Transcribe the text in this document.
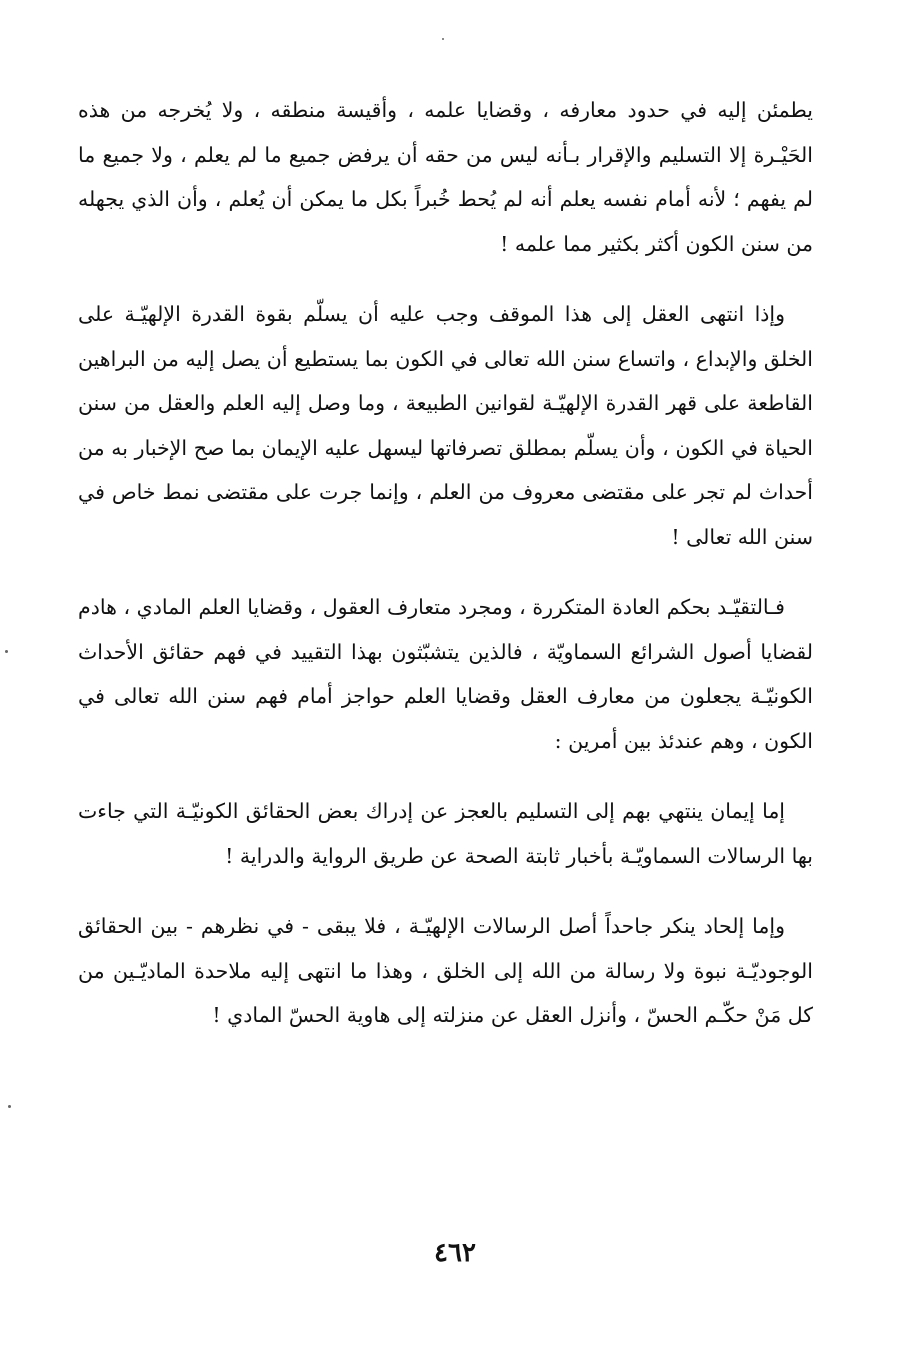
يطمئن إليه في حدود معارفه ، وقضايا علمه ، وأقيسة منطقه ، ولا يُخرجه من هذه الحَيْـرة إلا التسليم والإقرار بـأنه ليس من حقه أن يرفض جميع ما لم يعلم ، ولا جميع ما لم يفهم ؛ لأنه أمام نفسه يعلم أنه لم يُحط خُبراً بكل ما يمكن أن يُعلم ، وأن الذي يجهله من سنن الكون أكثر بكثير مما علمه !

وإذا انتهى العقل إلى هذا الموقف وجب عليه أن يسلّم بقوة القدرة الإلهيّـة على الخلق والإبداع ، واتساع سنن الله تعالى في الكون بما يستطيع أن يصل إليه من البراهين القاطعة على قهر القدرة الإلهيّـة لقوانين الطبيعة ، وما وصل إليه العلم والعقل من سنن الحياة في الكون ، وأن يسلّم بمطلق تصرفاتها ليسهل عليه الإيمان بما صح الإخبار به من أحداث لم تجر على مقتضى معروف من العلم ، وإنما جرت على مقتضى نمط خاص في سنن الله تعالى !

فـالتقيّـد بحكم العادة المتكررة ، ومجرد متعارف العقول ، وقضايا العلم المادي ، هادم لقضايا أصول الشرائع السماويّة ، فالذين يتشبّثون بهذا التقييد في فهم حقائق الأحداث الكونيّـة يجعلون من معارف العقل وقضايا العلم حواجز أمام فهم سنن الله تعالى في الكون ، وهم عندئذ بين أمرين :

إما إيمان ينتهي بهم إلى التسليم بالعجز عن إدراك بعض الحقائق الكونيّـة التي جاءت بها الرسالات السماويّـة بأخبار ثابتة الصحة عن طريق الرواية والدراية !

وإما إلحاد ينكر جاحداً أصل الرسالات الإلهيّـة ، فلا يبقى - في نظرهم - بين الحقائق الوجوديّـة نبوة ولا رسالة من الله إلى الخلق ، وهذا ما انتهى إليه ملاحدة الماديّـين من كل مَنْ حكّـم الحسّ ، وأنزل العقل عن منزلته إلى هاوية الحسّ المادي !

٤٦٢
